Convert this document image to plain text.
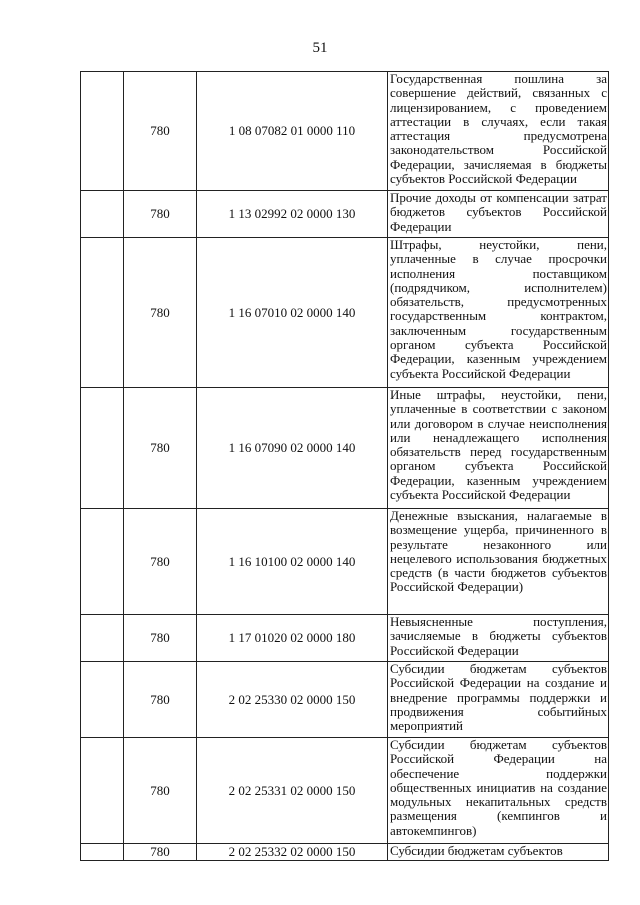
51
	780	1 08 07082 01 0000 110	Государственная пошлина за совершение действий, связанных с лицензированием, с проведением аттестации в случаях, если такая аттестация предусмотрена законодательством Российской Федерации, зачисляемая в бюджеты субъектов Российской Федерации
	780	1 13 02992 02 0000 130	Прочие доходы от компенсации затрат бюджетов субъектов Российской Федерации
	780	1 16 07010 02 0000 140	Штрафы, неустойки, пени, уплаченные в случае просрочки исполнения поставщиком (подрядчиком, исполнителем) обязательств, предусмотренных государственным контрактом, заключенным государственным органом субъекта Российской Федерации, казенным учреждением субъекта Российской Федерации
	780	1 16 07090 02 0000 140	Иные штрафы, неустойки, пени, уплаченные в соответствии с законом или договором в случае неисполнения или ненадлежащего исполнения обязательств перед государственным органом субъекта Российской Федерации, казенным учреждением субъекта Российской Федерации
	780	1 16 10100 02 0000 140	Денежные взыскания, налагаемые в возмещение ущерба, причиненного в результате незаконного или нецелевого использования бюджетных средств (в части бюджетов субъектов Российской Федерации)
	780	1 17 01020 02 0000 180	Невыясненные поступления, зачисляемые в бюджеты субъектов Российской Федерации
	780	2 02 25330 02 0000 150	Субсидии бюджетам субъектов Российской Федерации на создание и внедрение программы поддержки и продвижения событийных мероприятий
	780	2 02 25331 02 0000 150	Субсидии бюджетам субъектов Российской Федерации на обеспечение поддержки общественных инициатив на создание модульных некапитальных средств размещения (кемпингов и автокемпингов)
	780	2 02 25332 02 0000 150	Субсидии бюджетам субъектов
